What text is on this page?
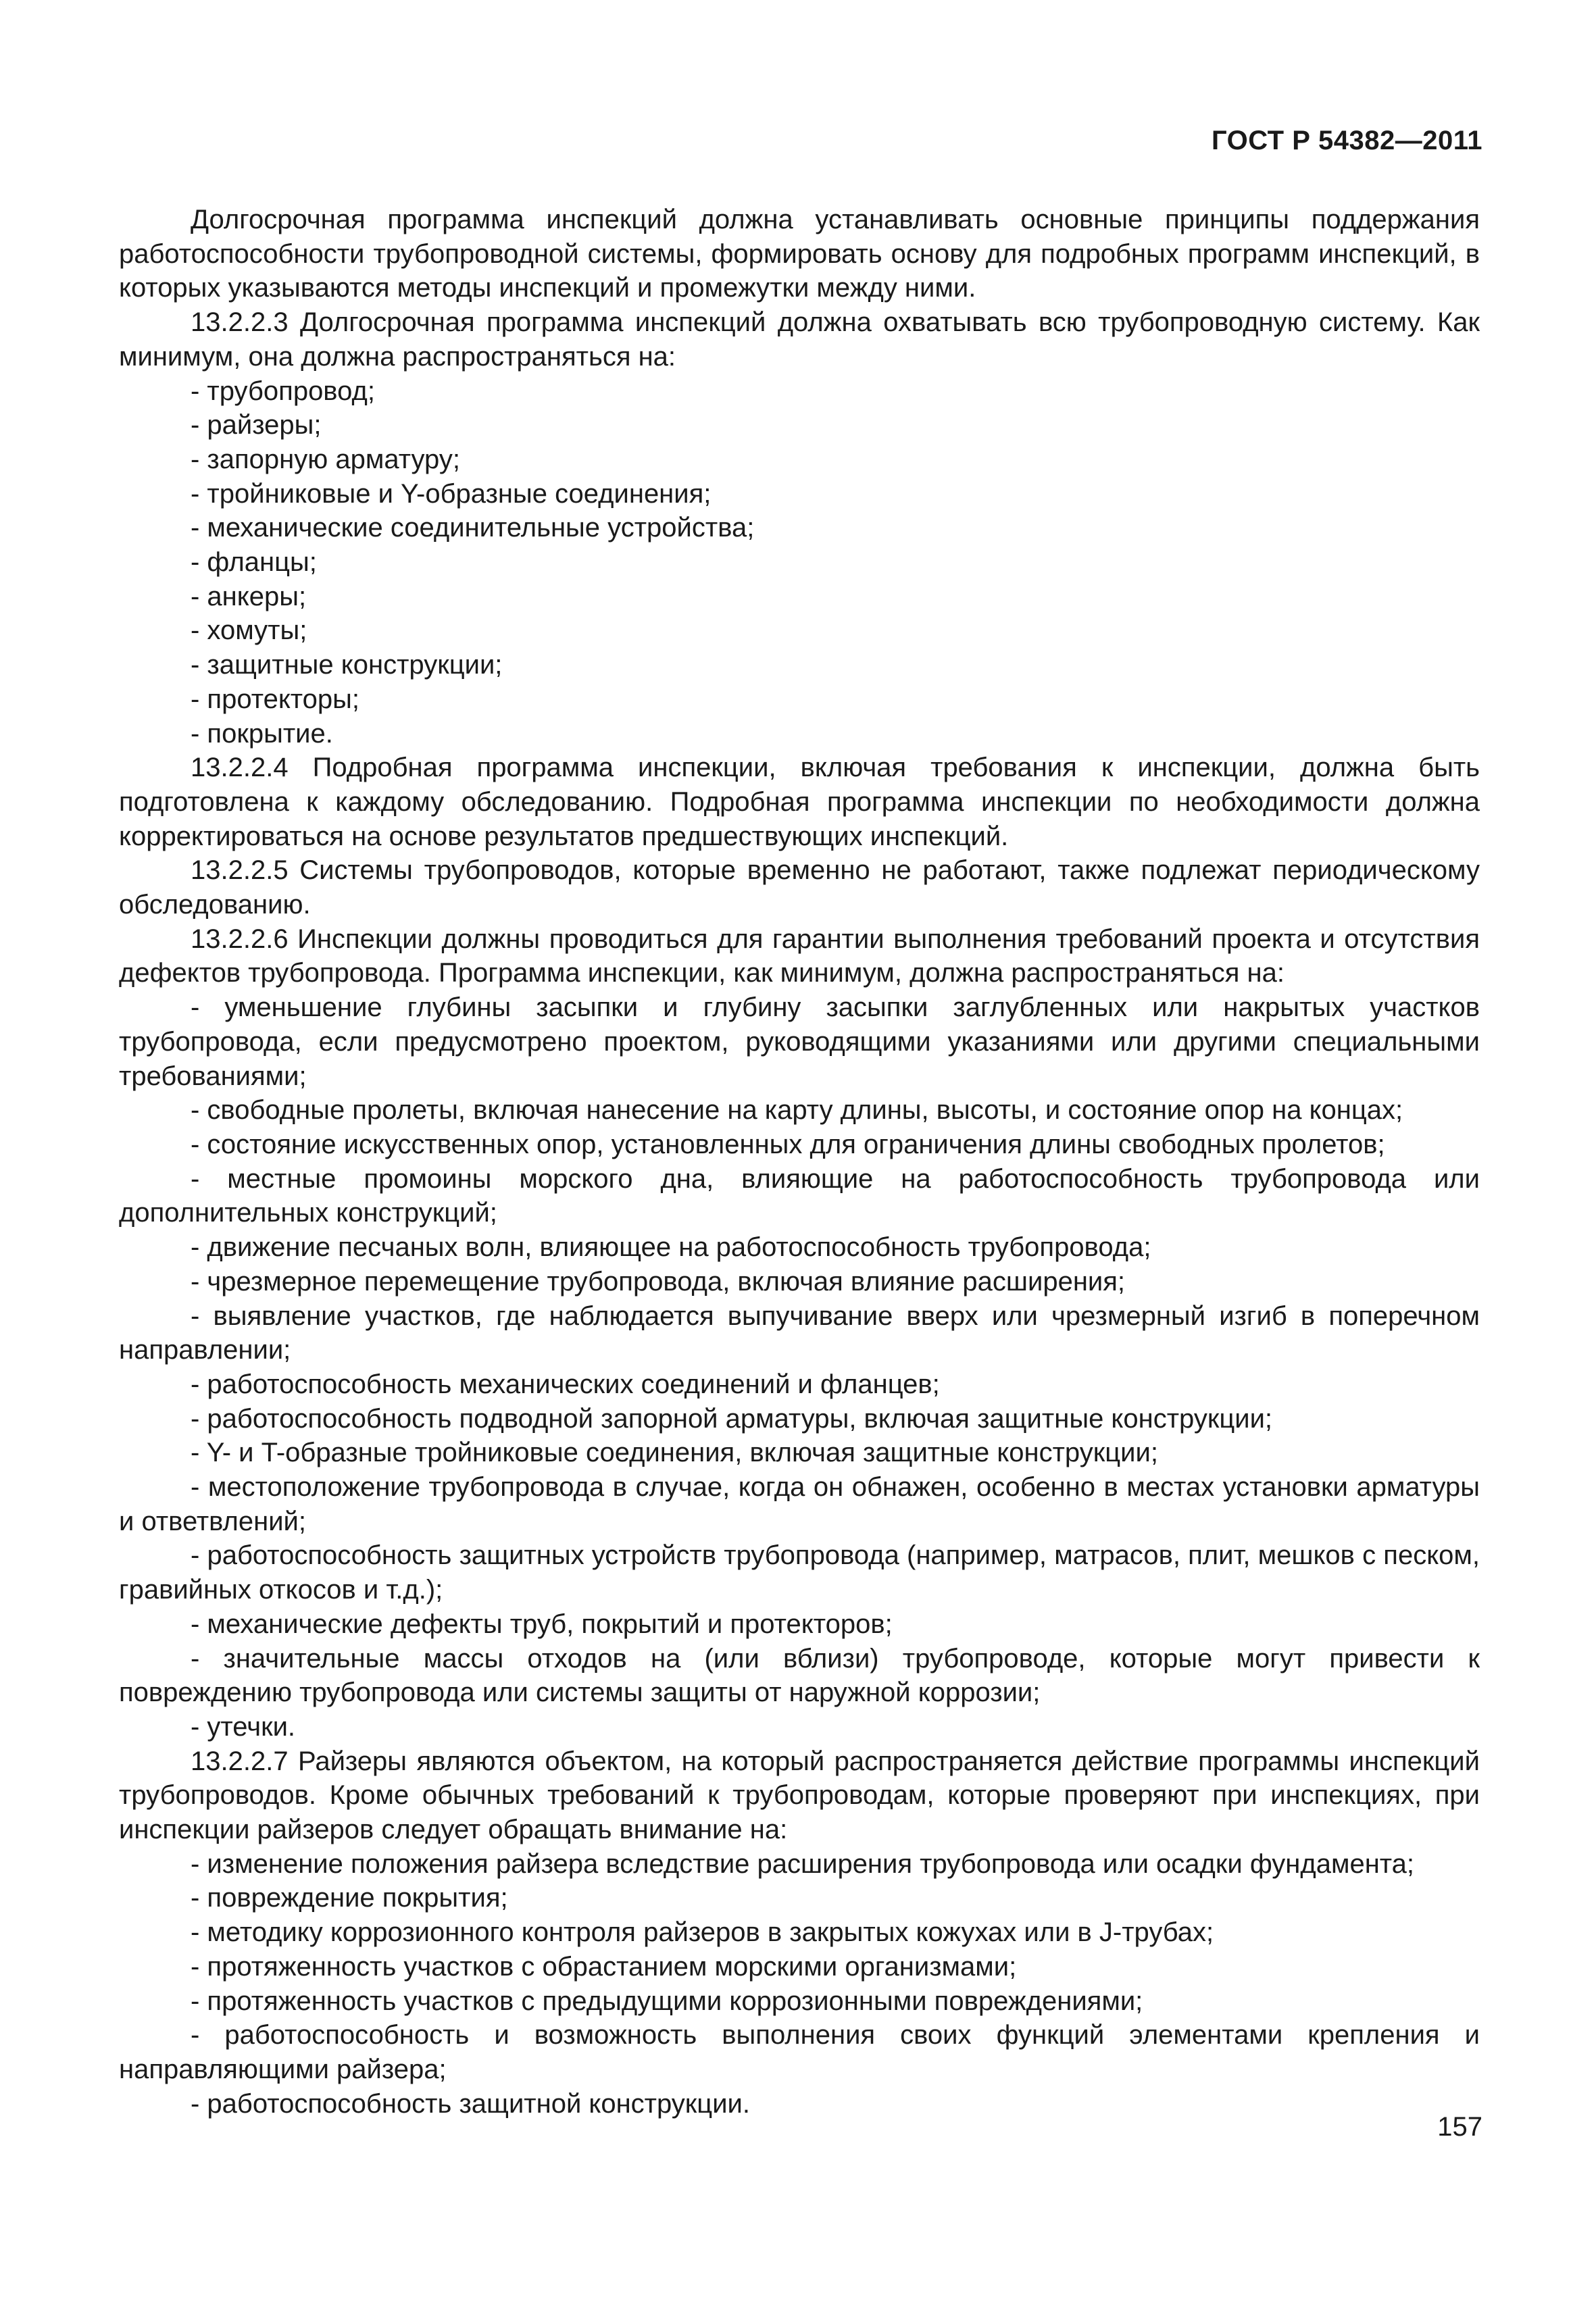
ГОСТ Р 54382—2011

Долгосрочная программа инспекций должна устанавливать основные принципы поддержания работоспособности трубопроводной системы, формировать основу для подробных программ инспекций, в которых указываются методы инспекций и промежутки между ними.

13.2.2.3 Долгосрочная программа инспекций должна охватывать всю трубопроводную систему. Как минимум, она должна распространяться на:

- трубопровод;

- райзеры;

- запорную арматуру;

- тройниковые и Y-образные соединения;

- механические соединительные устройства;

- фланцы;

- анкеры;

- хомуты;

- защитные конструкции;

- протекторы;

- покрытие.

13.2.2.4 Подробная программа инспекции, включая требования к инспекции, должна быть подготовлена к каждому обследованию. Подробная программа инспекции по необходимости должна корректироваться на основе результатов предшествующих инспекций.

13.2.2.5 Системы трубопроводов, которые временно не работают, также подлежат периодическому обследованию.

13.2.2.6 Инспекции должны проводиться для гарантии выполнения требований проекта и отсутствия дефектов трубопровода. Программа инспекции, как минимум, должна распространяться на:

- уменьшение глубины засыпки и глубину засыпки заглубленных или накрытых участков трубопровода, если предусмотрено проектом, руководящими указаниями или другими специальными требованиями;

- свободные пролеты, включая нанесение на карту длины, высоты, и состояние опор на концах;

- состояние искусственных опор, установленных для ограничения длины свободных пролетов;

- местные промоины морского дна, влияющие на работоспособность трубопровода или дополнительных конструкций;

- движение песчаных волн, влияющее на работоспособность трубопровода;

- чрезмерное перемещение трубопровода, включая влияние расширения;

- выявление участков, где наблюдается выпучивание вверх или чрезмерный изгиб в поперечном направлении;

- работоспособность механических соединений и фланцев;

- работоспособность подводной запорной арматуры, включая защитные конструкции;

- Y- и T-образные тройниковые соединения, включая защитные конструкции;

- местоположение трубопровода в случае, когда он обнажен, особенно в местах установки арматуры и ответвлений;

- работоспособность защитных устройств трубопровода (например, матрасов, плит, мешков с песком, гравийных откосов и т.д.);

- механические дефекты труб, покрытий и протекторов;

- значительные массы отходов на (или вблизи) трубопроводе, которые могут привести к повреждению трубопровода или системы защиты от наружной коррозии;

- утечки.

13.2.2.7 Райзеры являются объектом, на который распространяется действие программы инспекций трубопроводов. Кроме обычных требований к трубопроводам, которые проверяют при инспекциях, при инспекции райзеров следует обращать внимание на:

- изменение положения райзера вследствие расширения трубопровода или осадки фундамента;

- повреждение покрытия;

- методику коррозионного контроля райзеров в закрытых кожухах или в J-трубах;

- протяженность участков с обрастанием морскими организмами;

- протяженность участков с предыдущими коррозионными повреждениями;

- работоспособность и возможность выполнения своих функций элементами крепления и направляющими райзера;

- работоспособность защитной конструкции.

157
